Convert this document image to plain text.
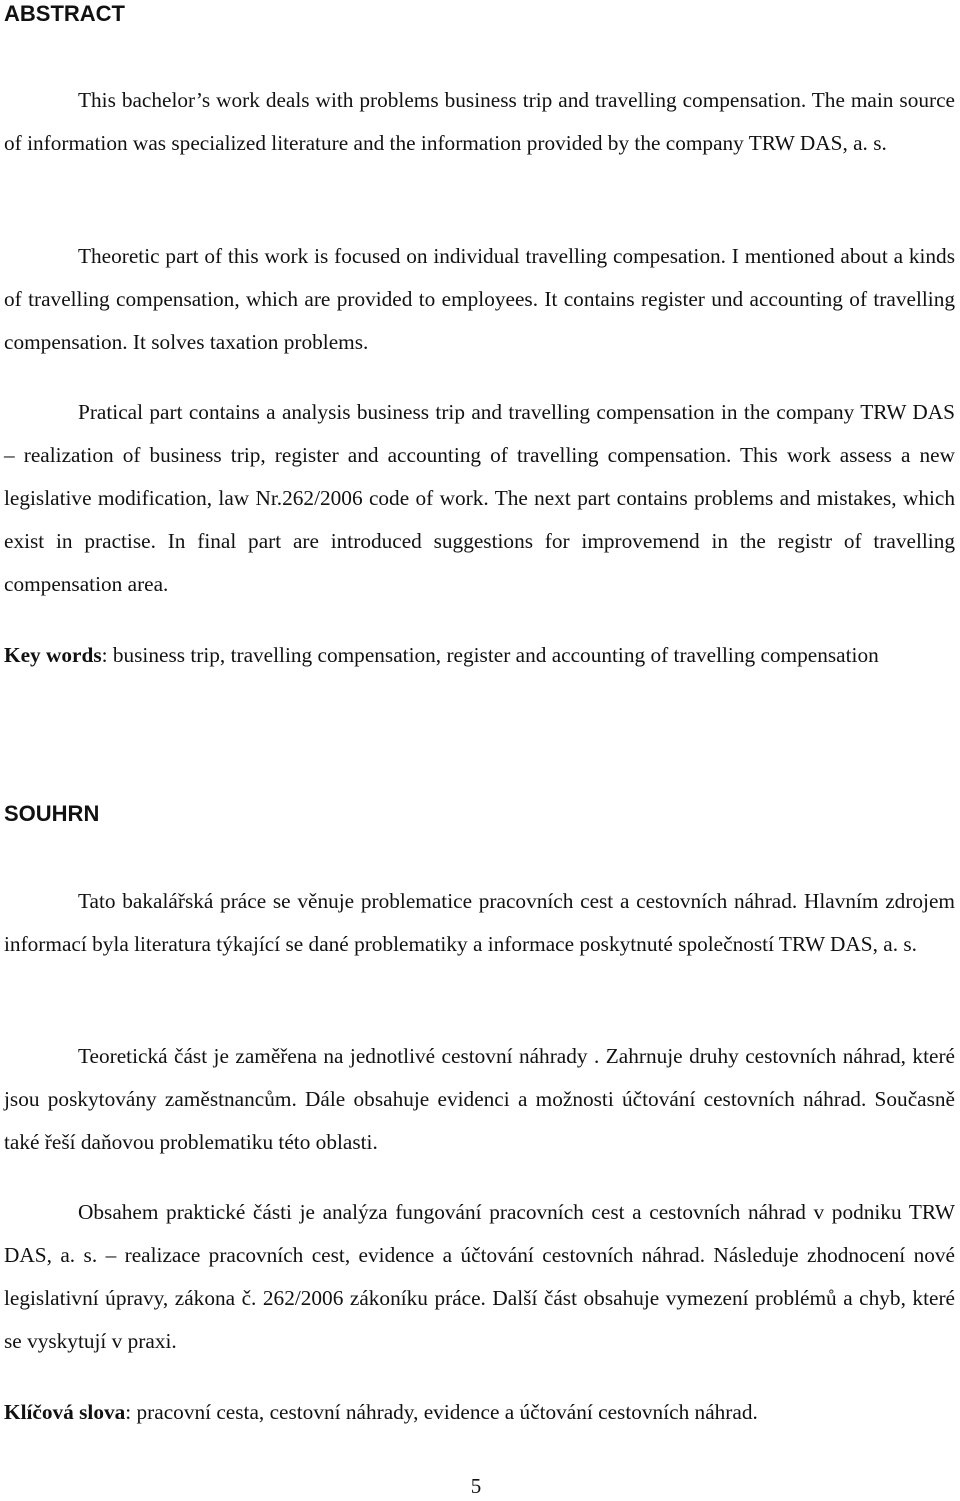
ABSTRACT

This bachelor’s work deals with problems business trip and travelling compensation. The main source of information was specialized literature and the information provided by the company TRW DAS, a. s.

Theoretic part of this work is focused on individual travelling compesation. I mentioned about a kinds of travelling compensation, which are provided to employees. It contains register und accounting of travelling compensation. It solves taxation problems.

Pratical part contains a analysis business trip and travelling compensation in the company TRW DAS – realization of business trip, register and accounting of travelling compensation. This work assess a new legislative modification, law Nr.262/2006 code of work. The next part contains problems and mistakes, which exist in practise. In final part are introduced suggestions for improvemend in the registr of travelling compensation area.

Key words: business trip, travelling compensation, register and accounting of travelling compensation

SOUHRN

Tato bakalářská práce se věnuje problematice pracovních cest a cestovních náhrad. Hlavním zdrojem informací byla literatura týkající se dané problematiky a informace poskytnuté společností TRW DAS, a. s.

Teoretická část je zaměřena na jednotlivé cestovní náhrady . Zahrnuje druhy cestovních náhrad, které jsou poskytovány zaměstnancům. Dále obsahuje evidenci a možnosti účtování cestovních náhrad. Současně také řeší daňovou problematiku této oblasti.

Obsahem praktické části je analýza fungování pracovních cest a cestovních náhrad v podniku TRW DAS, a. s. – realizace pracovních cest, evidence a účtování cestovních náhrad. Následuje zhodnocení nové legislativní úpravy, zákona č. 262/2006 zákoníku práce. Další část obsahuje vymezení problémů a chyb, které se vyskytují v praxi.

Klíčová slova: pracovní cesta, cestovní náhrady, evidence a účtování cestovních náhrad.

5
